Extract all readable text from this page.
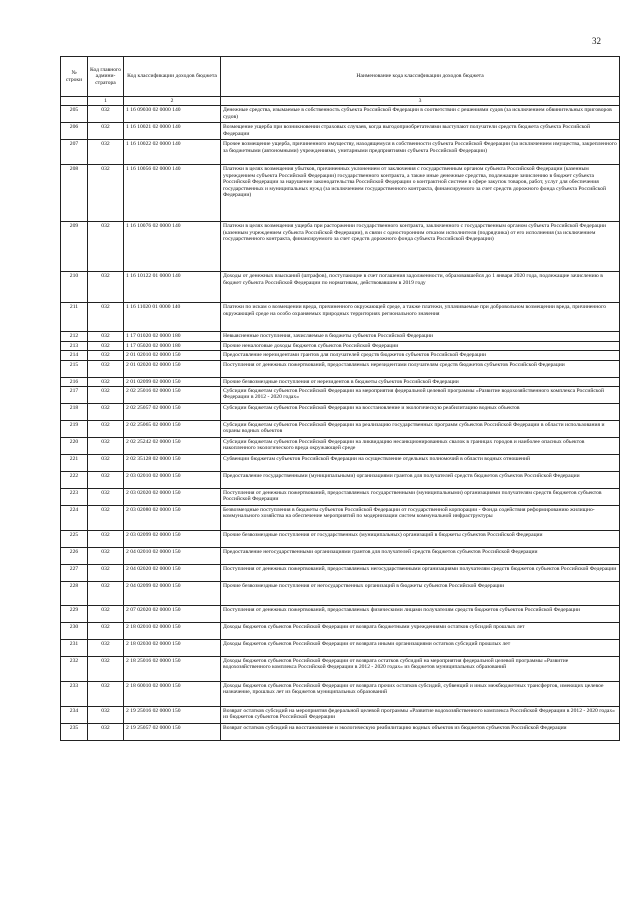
32
№ строки	Код главного админи-стратора	Код классификации доходов бюджета	Наименование кода классификации доходов бюджета
	1	2	3
205	032	1 16 09030 02 0000 140	Денежные средства, изымаемые в собственность субъекта Российской Федерации в соответствии с решениями судов (за исключением обвинительных приговоров судов)
206	032	1 16 10021 02 0000 140	Возмещение ущерба при возникновении страховых случаев, когда выгодоприобретателями выступают получатели средств бюджета субъекта Российской Федерации
207	032	1 16 10022 02 0000 140	Прочее возмещение ущерба, причиненного имуществу, находящемуся в собственности субъекта Российской Федерации (за исключением имущества, закрепленного за бюджетными (автономными) учреждениями, унитарными предприятиями субъекта Российской Федерации)
208	032	1 16 10056 02 0000 140	Платежи в целях возмещения убытков, причиненных уклонением от заключения с государственным органом субъекта Российской Федерации (казенным учреждением субъекта Российской Федерации) государственного контракта, а также иные денежные средства, подлежащие зачислению в бюджет субъекта Российской Федерации за нарушение законодательства Российской Федерации о контрактной системе в сфере закупок товаров, работ, услуг для обеспечения государственных и муниципальных нужд (за исключением государственного контракта, финансируемого за счет средств дорожного фонда субъекта Российской Федерации)
209	032	1 16 10076 02 0000 140	Платежи в целях возмещения ущерба при расторжении государственного контракта, заключенного с государственным органом субъекта Российской Федерации (казенным учреждением субъекта Российской Федерации), в связи с односторонним отказом исполнителя (подрядчика) от его исполнения (за исключением государственного контракта, финансируемого за счет средств дорожного фонда субъекта Российской Федерации)
210	032	1 16 10122 01 0000 140	Доходы от денежных взысканий (штрафов), поступающие в счет погашения задолженности, образовавшейся до 1 января 2020 года, подлежащие зачислению в бюджет субъекта Российской Федерации по нормативам, действовавшим в 2019 году
211	032	1 16 11020 01 0000 140	Платежи по искам о возмещении вреда, причиненного окружающей среде, а также платежи, уплачиваемые при добровольном возмещении вреда, причиненного окружающей среде на особо охраняемых природных территориях регионального значения
212	032	1 17 01020 02 0000 180	Невыясненные поступления, зачисляемые в бюджеты субъектов Российской Федерации
213	032	1 17 05020 02 0000 180	Прочие неналоговые доходы бюджетов субъектов Российской Федерации
214	032	2 01 02010 02 0000 150	Предоставление нерезидентами грантов для получателей средств бюджетов субъектов Российской Федерации
215	032	2 01 02020 02 0000 150	Поступления от денежных пожертвований, предоставляемых нерезидентами получателям средств бюджетов субъектов Российской Федерации
216	032	2 01 02099 02 0000 150	Прочие безвозмездные поступления от нерезидентов в бюджеты субъектов Российской Федерации
217	032	2 02 25016 02 0000 150	Субсидии бюджетам субъектов Российской Федерации на мероприятия федеральной целевой программы «Развитие водохозяйственного комплекса Российской Федерации в 2012 - 2020 годах»
218	032	2 02 25057 02 0000 150	Субсидии бюджетам субъектов Российской Федерации на восстановление и экологическую реабилитацию водных объектов
219	032	2 02 25065 02 0000 150	Субсидии бюджетам субъектов Российской Федерации на реализацию государственных программ субъектов Российской Федерации в области использования и охраны водных объектов
220	032	2 02 25242 02 0000 150	Субсидии бюджетам субъектов Российской Федерации на ликвидацию несанкционированных свалок в границах городов и наиболее опасных объектов накопленного экологического вреда окружающей среде
221	032	2 02 35128 02 0000 150	Субвенции бюджетам субъектов Российской Федерации на осуществление отдельных полномочий в области водных отношений
222	032	2 03 02010 02 0000 150	Предоставление государственными (муниципальными) организациями грантов для получателей средств бюджетов субъектов Российской Федерации
223	032	2 03 02020 02 0000 150	Поступления от денежных пожертвований, предоставляемых государственными (муниципальными) организациями получателям средств бюджетов субъектов Российской Федерации
224	032	2 03 02080 02 0000 150	Безвозмездные поступления в бюджеты субъектов Российской Федерации от государственной корпорации - Фонда содействия реформированию жилищно-коммунального хозяйства на обеспечение мероприятий по модернизации систем коммунальной инфраструктуры
225	032	2 03 02099 02 0000 150	Прочие безвозмездные поступления от государственных (муниципальных) организаций в бюджеты субъектов Российской Федерации
226	032	2 04 02010 02 0000 150	Предоставление негосударственными организациями грантов для получателей средств бюджетов субъектов Российской Федерации
227	032	2 04 02020 02 0000 150	Поступления от денежных пожертвований, предоставляемых негосударственными организациями получателям средств бюджетов субъектов Российской Федерации
228	032	2 04 02099 02 0000 150	Прочие безвозмездные поступления от негосударственных организаций в бюджеты субъектов Российской Федерации
229	032	2 07 02020 02 0000 150	Поступления от денежных пожертвований, предоставляемых физическими лицами получателям средств бюджетов субъектов Российской Федерации
230	032	2 18 02010 02 0000 150	Доходы бюджетов субъектов Российской Федерации от возврата бюджетными учреждениями остатков субсидий прошлых лет
231	032	2 18 02030 02 0000 150	Доходы бюджетов субъектов Российской Федерации от возврата иными организациями остатков субсидий прошлых лет
232	032	2 18 25016 02 0000 150	Доходы бюджетов субъектов Российской Федерации от возврата остатков субсидий на мероприятия федеральной целевой программы «Развитие водохозяйственного комплекса Российской Федерации в 2012 - 2020 годах» из бюджетов муниципальных образований
233	032	2 18 60010 02 0000 150	Доходы бюджетов субъектов Российской Федерации от возврата прочих остатков субсидий, субвенций и иных межбюджетных трансфертов, имеющих целевое назначение, прошлых лет из бюджетов муниципальных образований
234	032	2 19 25016 02 0000 150	Возврат остатков субсидий на мероприятия федеральной целевой программы «Развитие водохозяйственного комплекса Российской Федерации в 2012 - 2020 годах» из бюджетов субъектов Российской Федерации
235	032	2 19 25057 02 0000 150	Возврат остатков субсидий на восстановление и экологическую реабилитацию водных объектов из бюджетов субъектов Российской Федерации
